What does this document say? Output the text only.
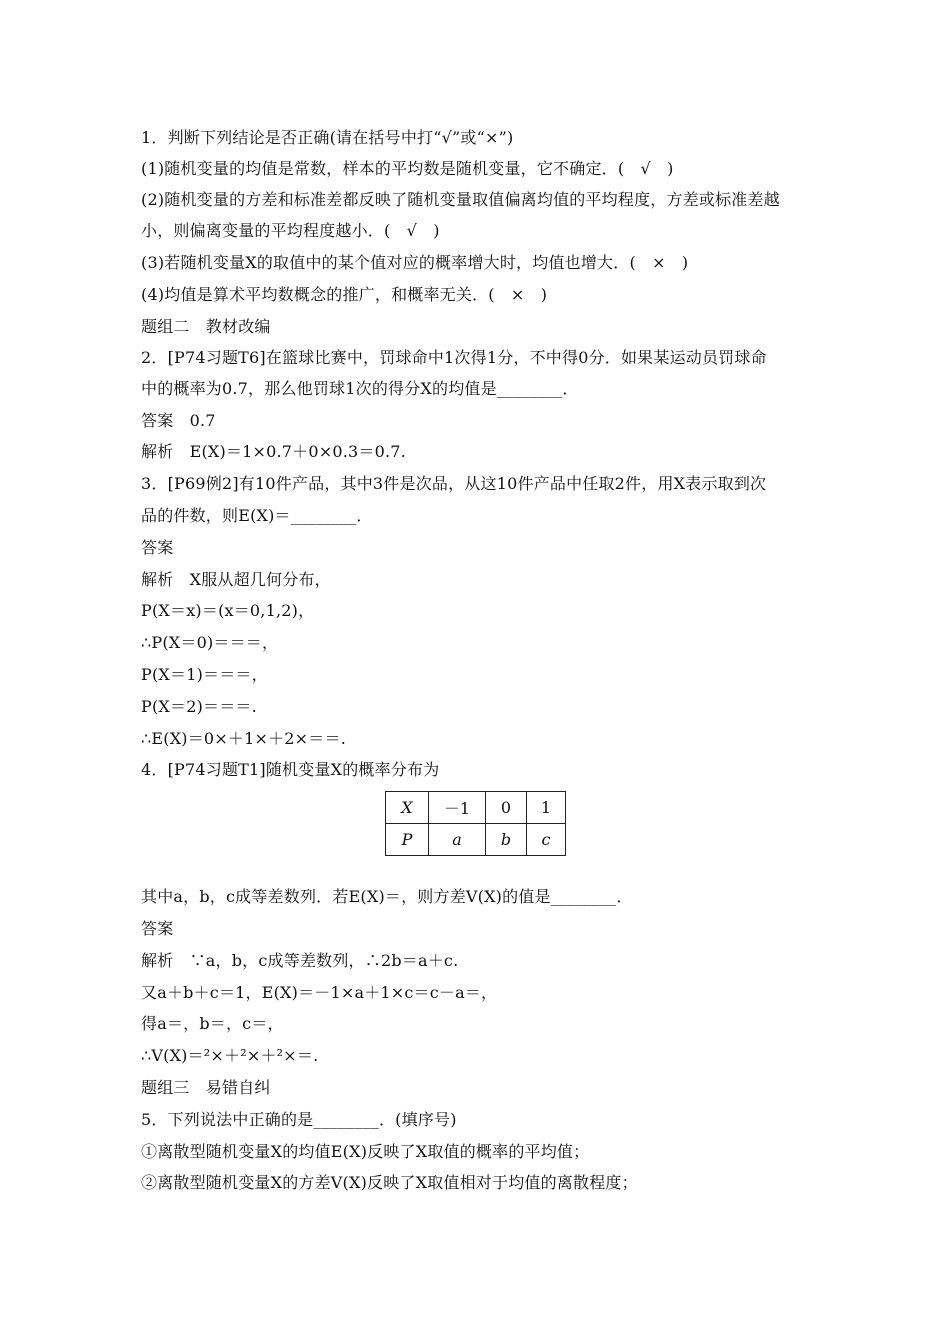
1．判断下列结论是否正确(请在括号中打“√”或“×”)
(1)随机变量的均值是常数，样本的平均数是随机变量，它不确定．(　√　)
(2)随机变量的方差和标准差都反映了随机变量取值偏离均值的平均程度，方差或标准差越
小，则偏离变量的平均程度越小．(　√　)
(3)若随机变量X的取值中的某个值对应的概率增大时，均值也增大．(　×　)
(4)均值是算术平均数概念的推广，和概率无关．(　×　)
题组二　教材改编
2．[P74习题T6]在篮球比赛中，罚球命中1次得1分，不中得0分．如果某运动员罚球命
中的概率为0.7，那么他罚球1次的得分X的均值是________．
答案　0.7
解析　E(X)＝1×0.7＋0×0.3＝0.7.
3．[P69例2]有10件产品，其中3件是次品，从这10件产品中任取2件，用X表示取到次
品的件数，则E(X)＝________．
答案
解析　X服从超几何分布，
P(X＝x)＝(x＝0,1,2)，
∴P(X＝0)＝＝＝，
P(X＝1)＝＝＝，
P(X＝2)＝＝＝.
∴E(X)＝0×＋1×＋2×＝＝.
4．[P74习题T1]随机变量X的概率分布为
X	－1	0	1
P	a	b	c
其中a，b，c成等差数列．若E(X)＝，则方差V(X)的值是________．
答案
解析　∵a，b，c成等差数列，∴2b＝a＋c.
又a＋b＋c＝1，E(X)＝－1×a＋1×c＝c－a＝，
得a＝，b＝，c＝，
∴V(X)＝²×＋²×＋²×＝.
题组三　易错自纠
5．下列说法中正确的是________．(填序号)
①离散型随机变量X的均值E(X)反映了X取值的概率的平均值；
②离散型随机变量X的方差V(X)反映了X取值相对于均值的离散程度；
